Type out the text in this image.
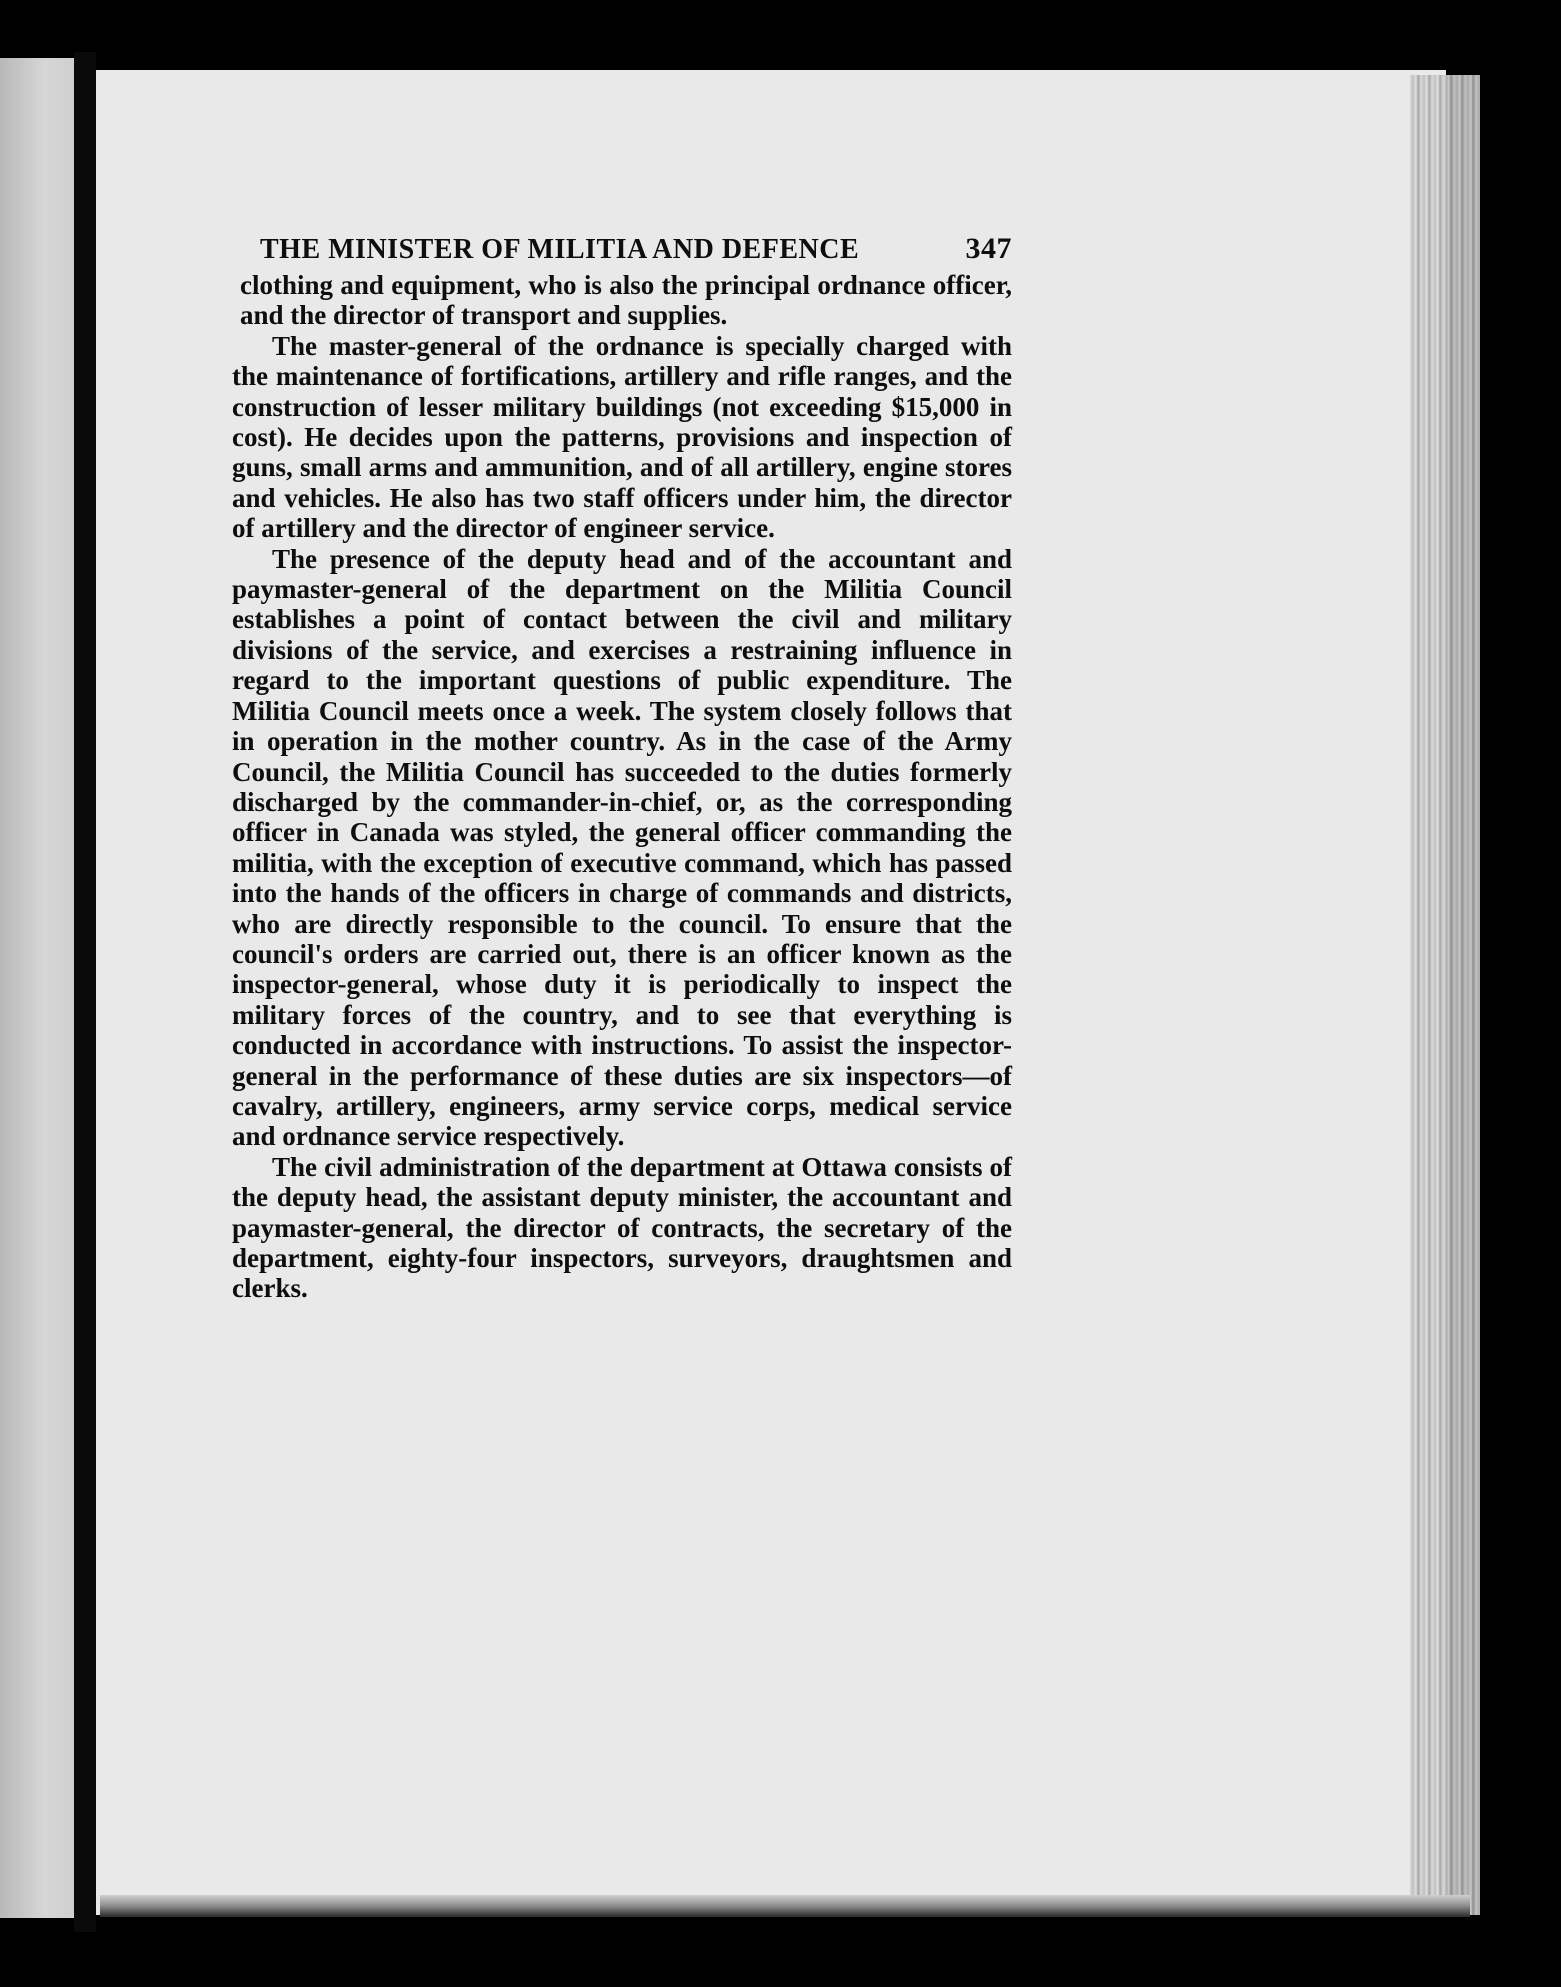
THE MINISTER OF MILITIA AND DEFENCE	347

clothing and equipment, who is also the principal ordnance officer, and the director of transport and supplies.

The master-general of the ordnance is specially charged with the maintenance of fortifications, artillery and rifle ranges, and the construction of lesser military buildings (not exceeding $15,000 in cost). He decides upon the patterns, provisions and inspection of guns, small arms and ammunition, and of all artillery, engine stores and vehicles. He also has two staff officers under him, the director of artillery and the director of engineer service.

The presence of the deputy head and of the accountant and paymaster-general of the department on the Militia Council establishes a point of contact between the civil and military divisions of the service, and exercises a restraining influence in regard to the important questions of public expenditure. The Militia Council meets once a week. The system closely follows that in operation in the mother country. As in the case of the Army Council, the Militia Council has succeeded to the duties formerly discharged by the commander-in-chief, or, as the corresponding officer in Canada was styled, the general officer commanding the militia, with the exception of executive command, which has passed into the hands of the officers in charge of commands and districts, who are directly responsible to the council. To ensure that the council's orders are carried out, there is an officer known as the inspector-general, whose duty it is periodically to inspect the military forces of the country, and to see that everything is conducted in accordance with instructions. To assist the inspector-general in the performance of these duties are six inspectors—of cavalry, artillery, engineers, army service corps, medical service and ordnance service respectively.

The civil administration of the department at Ottawa consists of the deputy head, the assistant deputy minister, the accountant and paymaster-general, the director of contracts, the secretary of the department, eighty-four inspectors, surveyors, draughtsmen and clerks.
